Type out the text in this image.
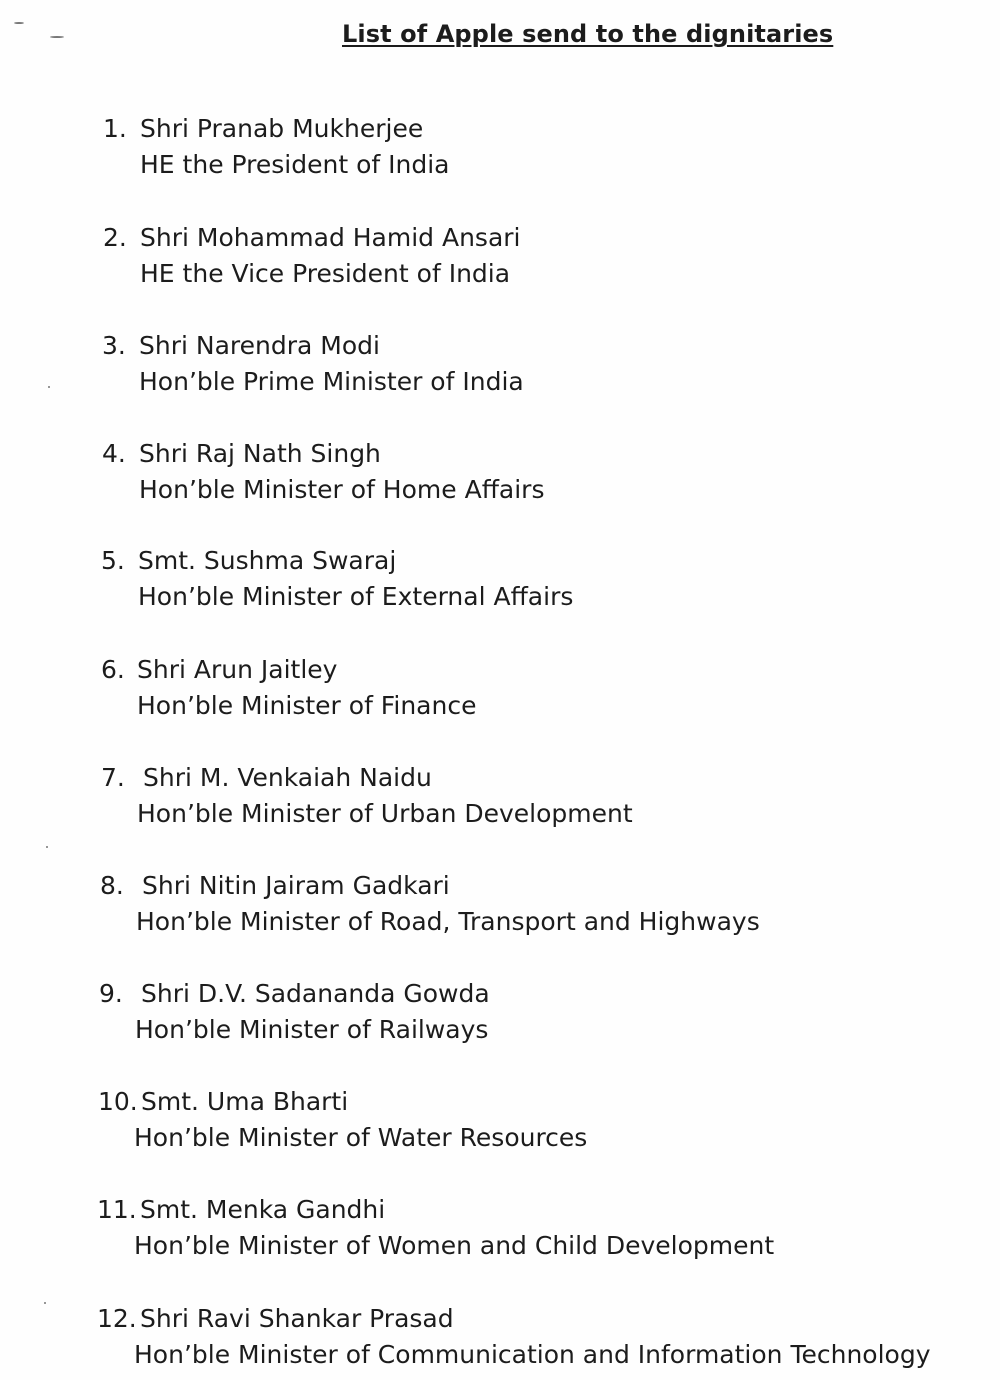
List of Apple send to the dignitaries
1. Shri Pranab Mukherjee
HE the President of India
2. Shri Mohammad Hamid Ansari
HE the Vice President of India
3. Shri Narendra Modi
Hon’ble Prime Minister of India
4. Shri Raj Nath Singh
Hon’ble Minister of Home Affairs
5. Smt. Sushma Swaraj
Hon’ble Minister of External Affairs
6. Shri Arun Jaitley
Hon’ble Minister of Finance
7. Shri M. Venkaiah Naidu
Hon’ble Minister of Urban Development
8. Shri Nitin Jairam Gadkari
Hon’ble Minister of Road, Transport and Highways
9. Shri D.V. Sadananda Gowda
Hon’ble Minister of Railways
10. Smt. Uma Bharti
Hon’ble Minister of Water Resources
11. Smt. Menka Gandhi
Hon’ble Minister of Women and Child Development
12. Shri Ravi Shankar Prasad
Hon’ble Minister of Communication and Information Technology
